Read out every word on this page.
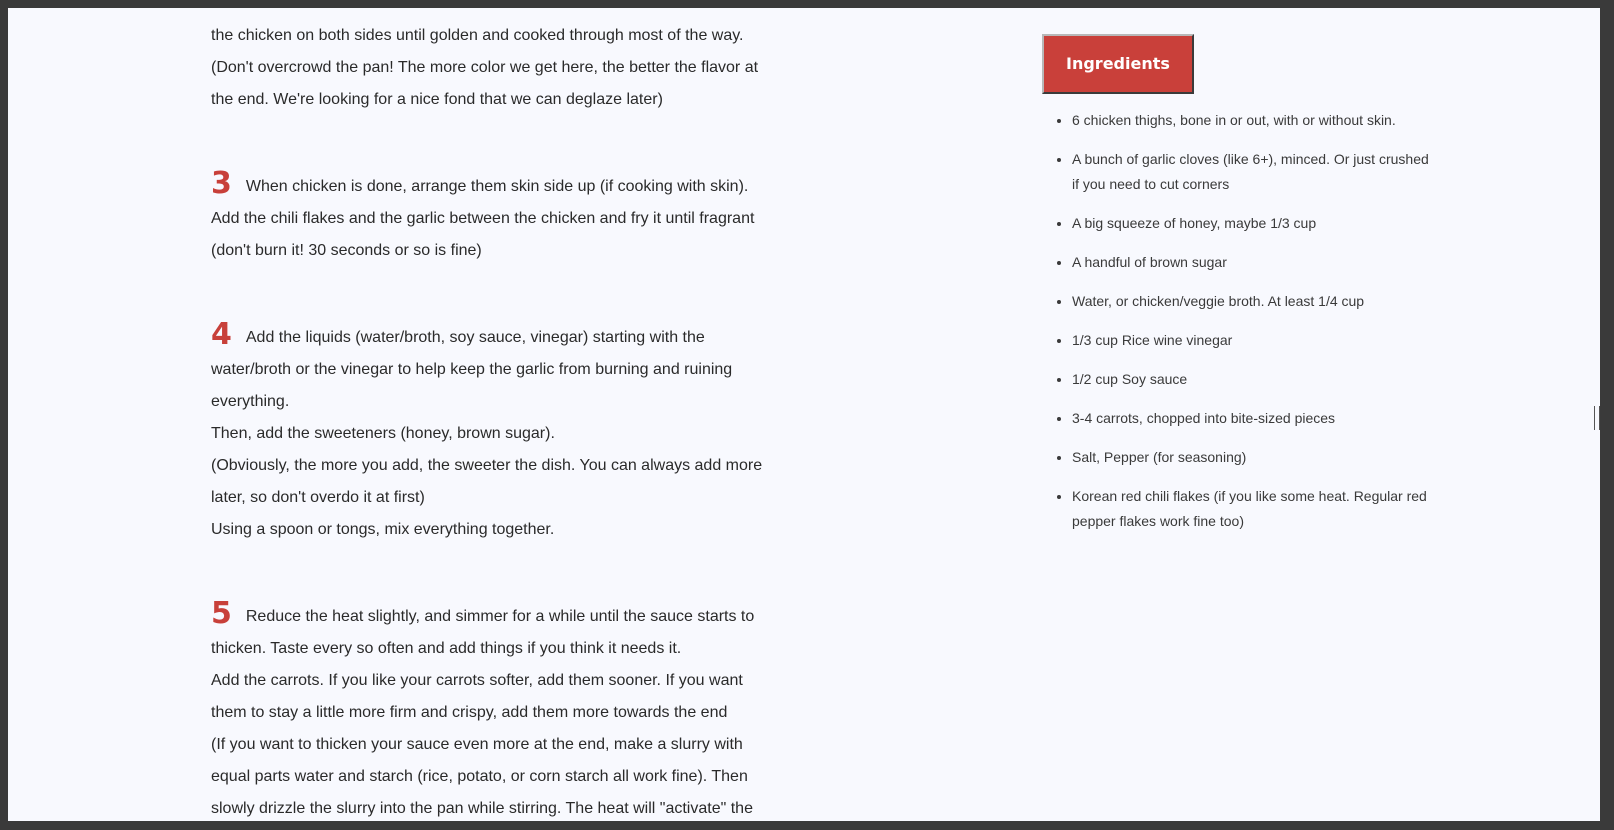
the chicken on both sides until golden and cooked through most of the way.

(Don't overcrowd the pan! The more color we get here, the better the flavor at

the end. We're looking for a nice fond that we can deglaze later)

3 When chicken is done, arrange them skin side up (if cooking with skin).

Add the chili flakes and the garlic between the chicken and fry it until fragrant

(don't burn it! 30 seconds or so is fine)

4 Add the liquids (water/broth, soy sauce, vinegar) starting with the

water/broth or the vinegar to help keep the garlic from burning and ruining

everything.

Then, add the sweeteners (honey, brown sugar).

(Obviously, the more you add, the sweeter the dish. You can always add more

later, so don't overdo it at first)

Using a spoon or tongs, mix everything together.

5 Reduce the heat slightly, and simmer for a while until the sauce starts to

thicken. Taste every so often and add things if you think it needs it.

Add the carrots. If you like your carrots softer, add them sooner. If you want

them to stay a little more firm and crispy, add them more towards the end

(If you want to thicken your sauce even more at the end, make a slurry with

equal parts water and starch (rice, potato, or corn starch all work fine). Then

slowly drizzle the slurry into the pan while stirring. The heat will "activate" the

Ingredients
• 6 chicken thighs, bone in or out, with or without skin.
• A bunch of garlic cloves (like 6+), minced. Or just crushed if you need to cut corners
• A big squeeze of honey, maybe 1/3 cup
• A handful of brown sugar
• Water, or chicken/veggie broth. At least 1/4 cup
• 1/3 cup Rice wine vinegar
• 1/2 cup Soy sauce
• 3-4 carrots, chopped into bite-sized pieces
• Salt, Pepper (for seasoning)
• Korean red chili flakes (if you like some heat. Regular red pepper flakes work fine too)
